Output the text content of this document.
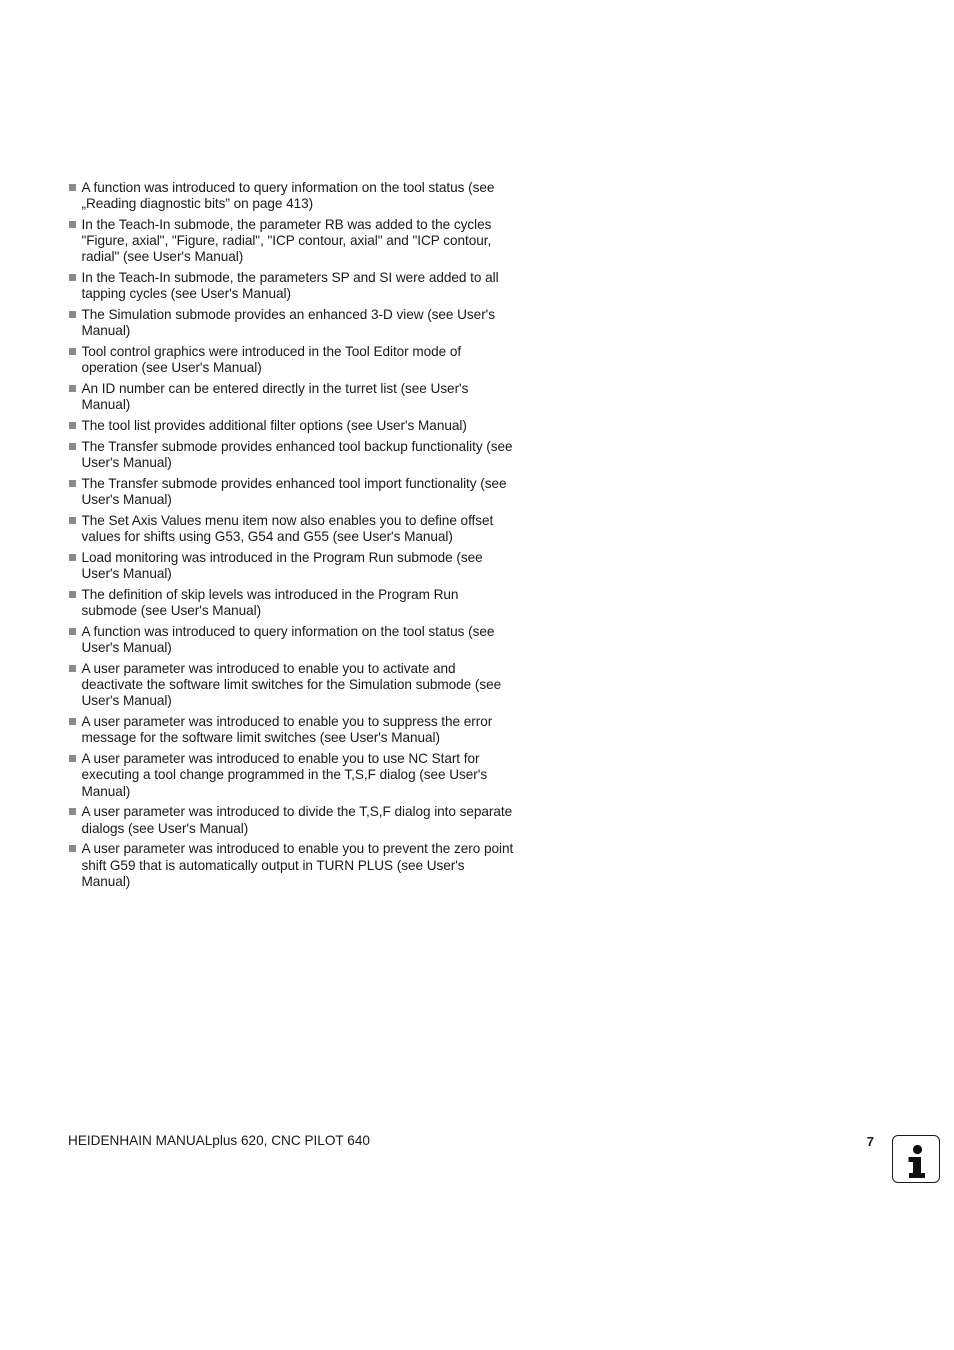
A function was introduced to query information on the tool status (see „Reading diagnostic bits” on page 413)
In the Teach-In submode, the parameter RB was added to the cycles "Figure, axial", "Figure, radial", "ICP contour, axial" and "ICP contour, radial" (see User's Manual)
In the Teach-In submode, the parameters SP and SI were added to all tapping cycles (see User's Manual)
The Simulation submode provides an enhanced 3-D view (see User's Manual)
Tool control graphics were introduced in the Tool Editor mode of operation (see User's Manual)
An ID number can be entered directly in the turret list (see User's Manual)
The tool list provides additional filter options (see User's Manual)
The Transfer submode provides enhanced tool backup functionality (see User's Manual)
The Transfer submode provides enhanced tool import functionality (see User's Manual)
The Set Axis Values menu item now also enables you to define offset values for shifts using G53, G54 and G55 (see User's Manual)
Load monitoring was introduced in the Program Run submode (see User's Manual)
The definition of skip levels was introduced in the Program Run submode (see User's Manual)
A function was introduced to query information on the tool status (see User's Manual)
A user parameter was introduced to enable you to activate and deactivate the software limit switches for the Simulation submode (see User's Manual)
A user parameter was introduced to enable you to suppress the error message for the software limit switches (see User's Manual)
A user parameter was introduced to enable you to use NC Start for executing a tool change programmed in the T,S,F dialog (see User's Manual)
A user parameter was introduced to divide the T,S,F dialog into separate dialogs (see User's Manual)
A user parameter was introduced to enable you to prevent the zero point shift G59 that is automatically output in TURN PLUS (see User's Manual)
HEIDENHAIN MANUALplus 620, CNC PILOT 640	7
